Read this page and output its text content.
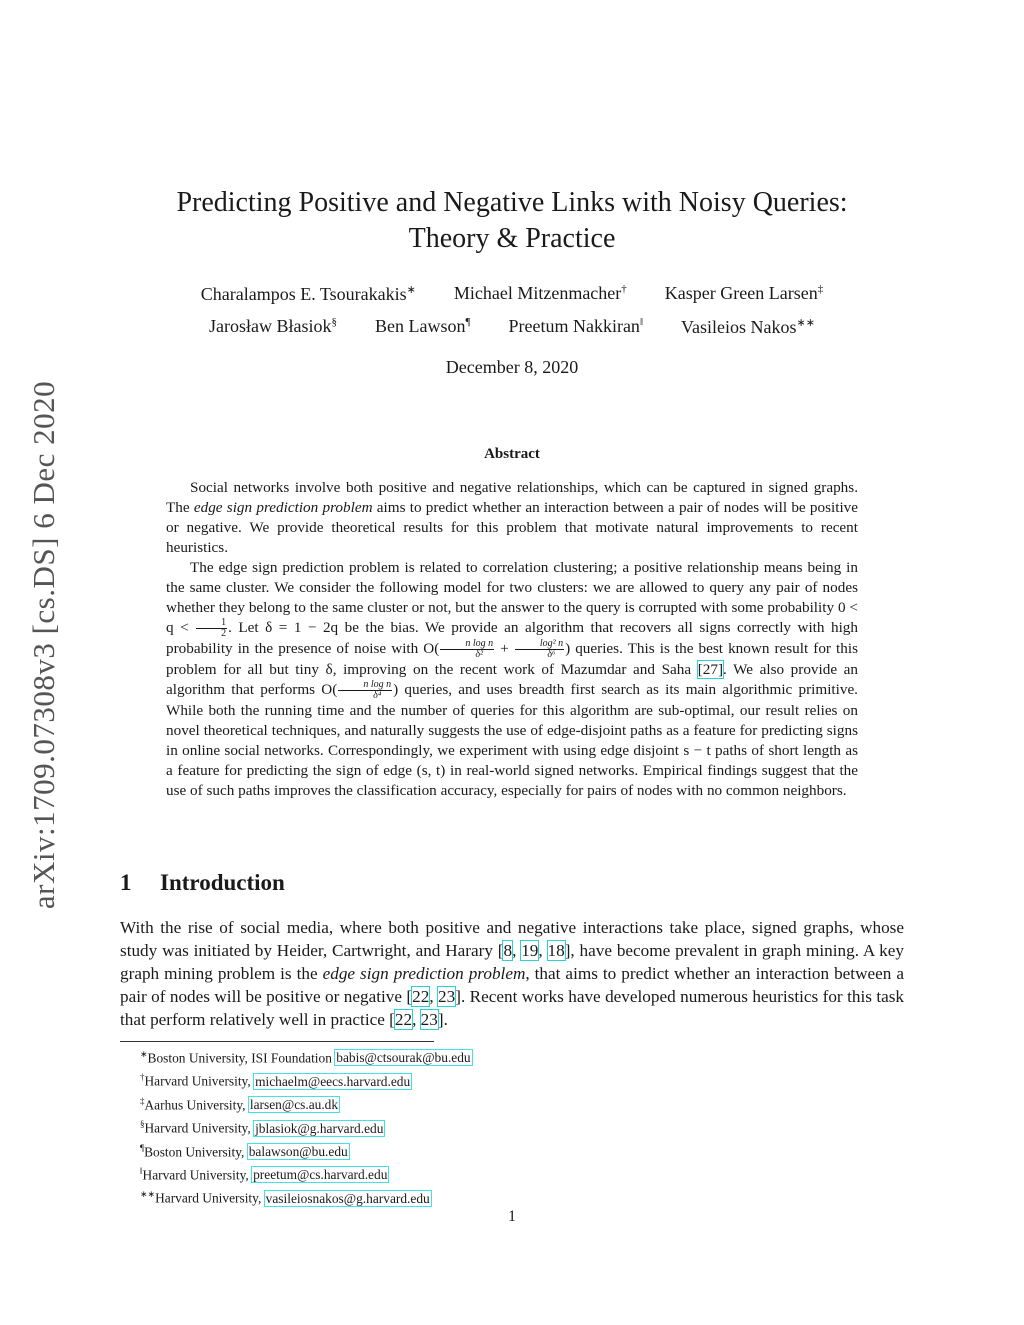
arXiv:1709.07308v3 [cs.DS] 6 Dec 2020
Predicting Positive and Negative Links with Noisy Queries:
Theory & Practice
Charalampos E. Tsourakakis∗ Michael Mitzenmacher† Kasper Green Larsen‡
Jarosław Błasiok§ Ben Lawson¶ Preetum Nakkiran‖ Vasileios Nakos∗∗
December 8, 2020
Abstract

Social networks involve both positive and negative relationships, which can be captured in signed graphs. The edge sign prediction problem aims to predict whether an interaction between a pair of nodes will be positive or negative. We provide theoretical results for this problem that motivate natural improvements to recent heuristics.

The edge sign prediction problem is related to correlation clustering; a positive relationship means being in the same cluster. We consider the following model for two clusters: we are allowed to query any pair of nodes whether they belong to the same cluster or not, but the answer to the query is corrupted with some probability $0 < q < \frac{1}{2}$ . Let δ = 1 − 2q be the bias. We provide an algorithm that recovers all signs correctly with high probability in the presence of noise with $O( \frac{\text{n log n}}{\text{δ²}} + \frac{\text{log² n}}{\text{δ⁶}}$ ) queries. This is the best known result for this problem for all but tiny δ, improving on the recent work of Mazumdar and Saha [27]. We also provide an algorithm that performs $O( \frac{\text{n log n}}{\text{δ⁴}}$ ) queries, and uses breadth first search as its main algorithmic primitive. While both the running time and the number of queries for this algorithm are sub-optimal, our result relies on novel theoretical techniques, and naturally suggests the use of edge-disjoint paths as a feature for predicting signs in online social networks. Correspondingly, we experiment with using edge disjoint s − t paths of short length as a feature for predicting the sign of edge (s, t) in real-world signed networks. Empirical findings suggest that the use of such paths improves the classification accuracy, especially for pairs of nodes with no common neighbors.

1 Introduction

With the rise of social media, where both positive and negative interactions take place, signed graphs, whose study was initiated by Heider, Cartwright, and Harary [8, 19, 18], have become prevalent in graph mining. A key graph mining problem is the edge sign prediction problem, that aims to predict whether an interaction between a pair of nodes will be positive or negative [22, 23]. Recent works have developed numerous heuristics for this task that perform relatively well in practice [22, 23].

∗Boston University, ISI Foundation babis@ctsourak@bu.edu
†Harvard University, michaelm@eecs.harvard.edu
‡Aarhus University, larsen@cs.au.dk
§Harvard University, jblasiok@g.harvard.edu
¶Boston University, balawson@bu.edu
‖Harvard University, preetum@cs.harvard.edu
∗∗Harvard University, vasileiosnakos@g.harvard.edu
1
